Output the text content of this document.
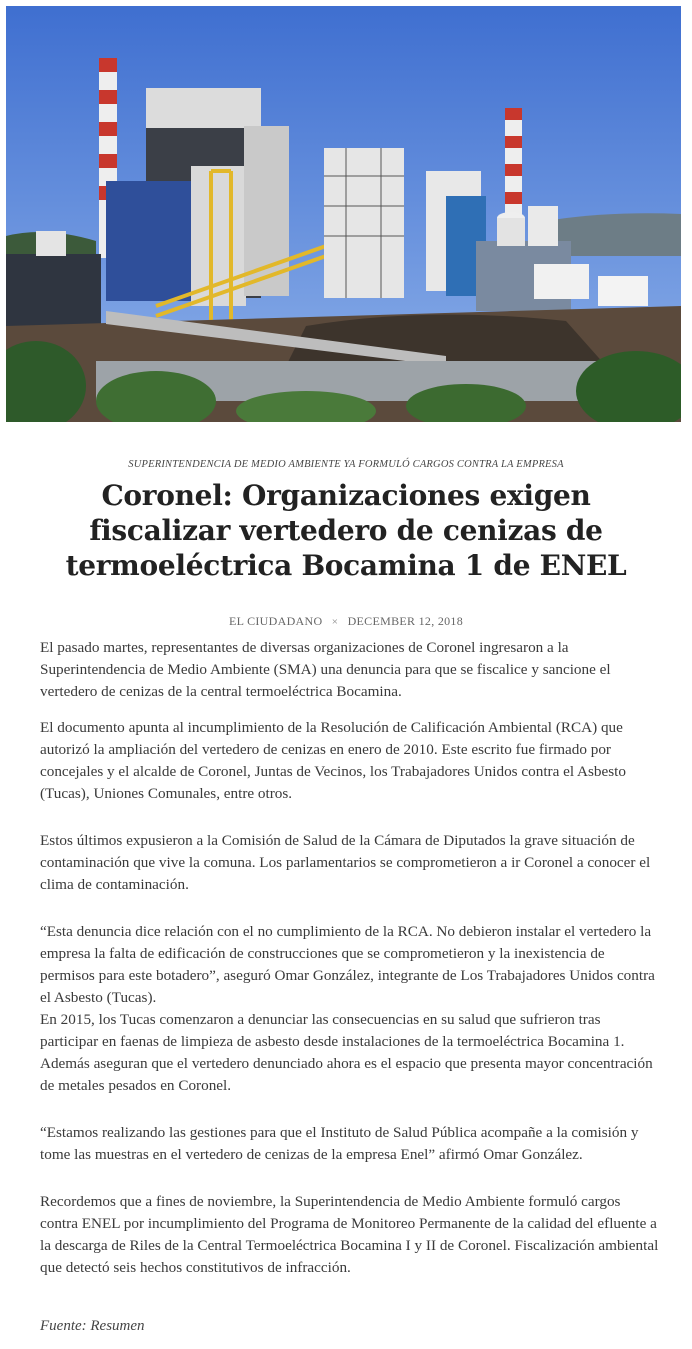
SUPERINTENDENCIA DE MEDIO AMBIENTE YA FORMULÓ CARGOS CONTRA LA EMPRESA
Coronel: Organizaciones exigen fiscalizar vertedero de cenizas de termoeléctrica Bocamina 1 de ENEL
EL CIUDADANO × DECEMBER 12, 2018

El pasado martes, representantes de diversas organizaciones de Coronel ingresaron a la Superintendencia de Medio Ambiente (SMA) una denuncia para que se fiscalice y sancione el vertedero de cenizas de la central termoeléctrica Bocamina.

El documento apunta al incumplimiento de la Resolución de Calificación Ambiental (RCA) que autorizó la ampliación del vertedero de cenizas en enero de 2010. Este escrito fue firmado por concejales y el alcalde de Coronel, Juntas de Vecinos, los Trabajadores Unidos contra el Asbesto (Tucas), Uniones Comunales, entre otros.

Estos últimos expusieron a la Comisión de Salud de la Cámara de Diputados la grave situación de contaminación que vive la comuna. Los parlamentarios se comprometieron a ir Coronel a conocer el clima de contaminación.

“Esta denuncia dice relación con el no cumplimiento de la RCA. No debieron instalar el vertedero la empresa la falta de edificación de construcciones que se comprometieron y la inexistencia de permisos para este botadero”, aseguró Omar González, integrante de Los Trabajadores Unidos contra el Asbesto (Tucas).

En 2015, los Tucas comenzaron a denunciar las consecuencias en su salud que sufrieron tras participar en faenas de limpieza de asbesto desde instalaciones de la termoeléctrica Bocamina 1. Además aseguran que el vertedero denunciado ahora es el espacio que presenta mayor concentración de metales pesados en Coronel.

“Estamos realizando las gestiones para que el Instituto de Salud Pública acompañe a la comisión y tome las muestras en el vertedero de cenizas de la empresa Enel” afirmó Omar González.

Recordemos que a fines de noviembre, la Superintendencia de Medio Ambiente formuló cargos contra ENEL por incumplimiento del Programa de Monitoreo Permanente de la calidad del efluente a la descarga de Riles de la Central Termoeléctrica Bocamina I y II de Coronel. Fiscalización ambiental que detectó seis hechos constitutivos de infracción.

Fuente: Resumen
